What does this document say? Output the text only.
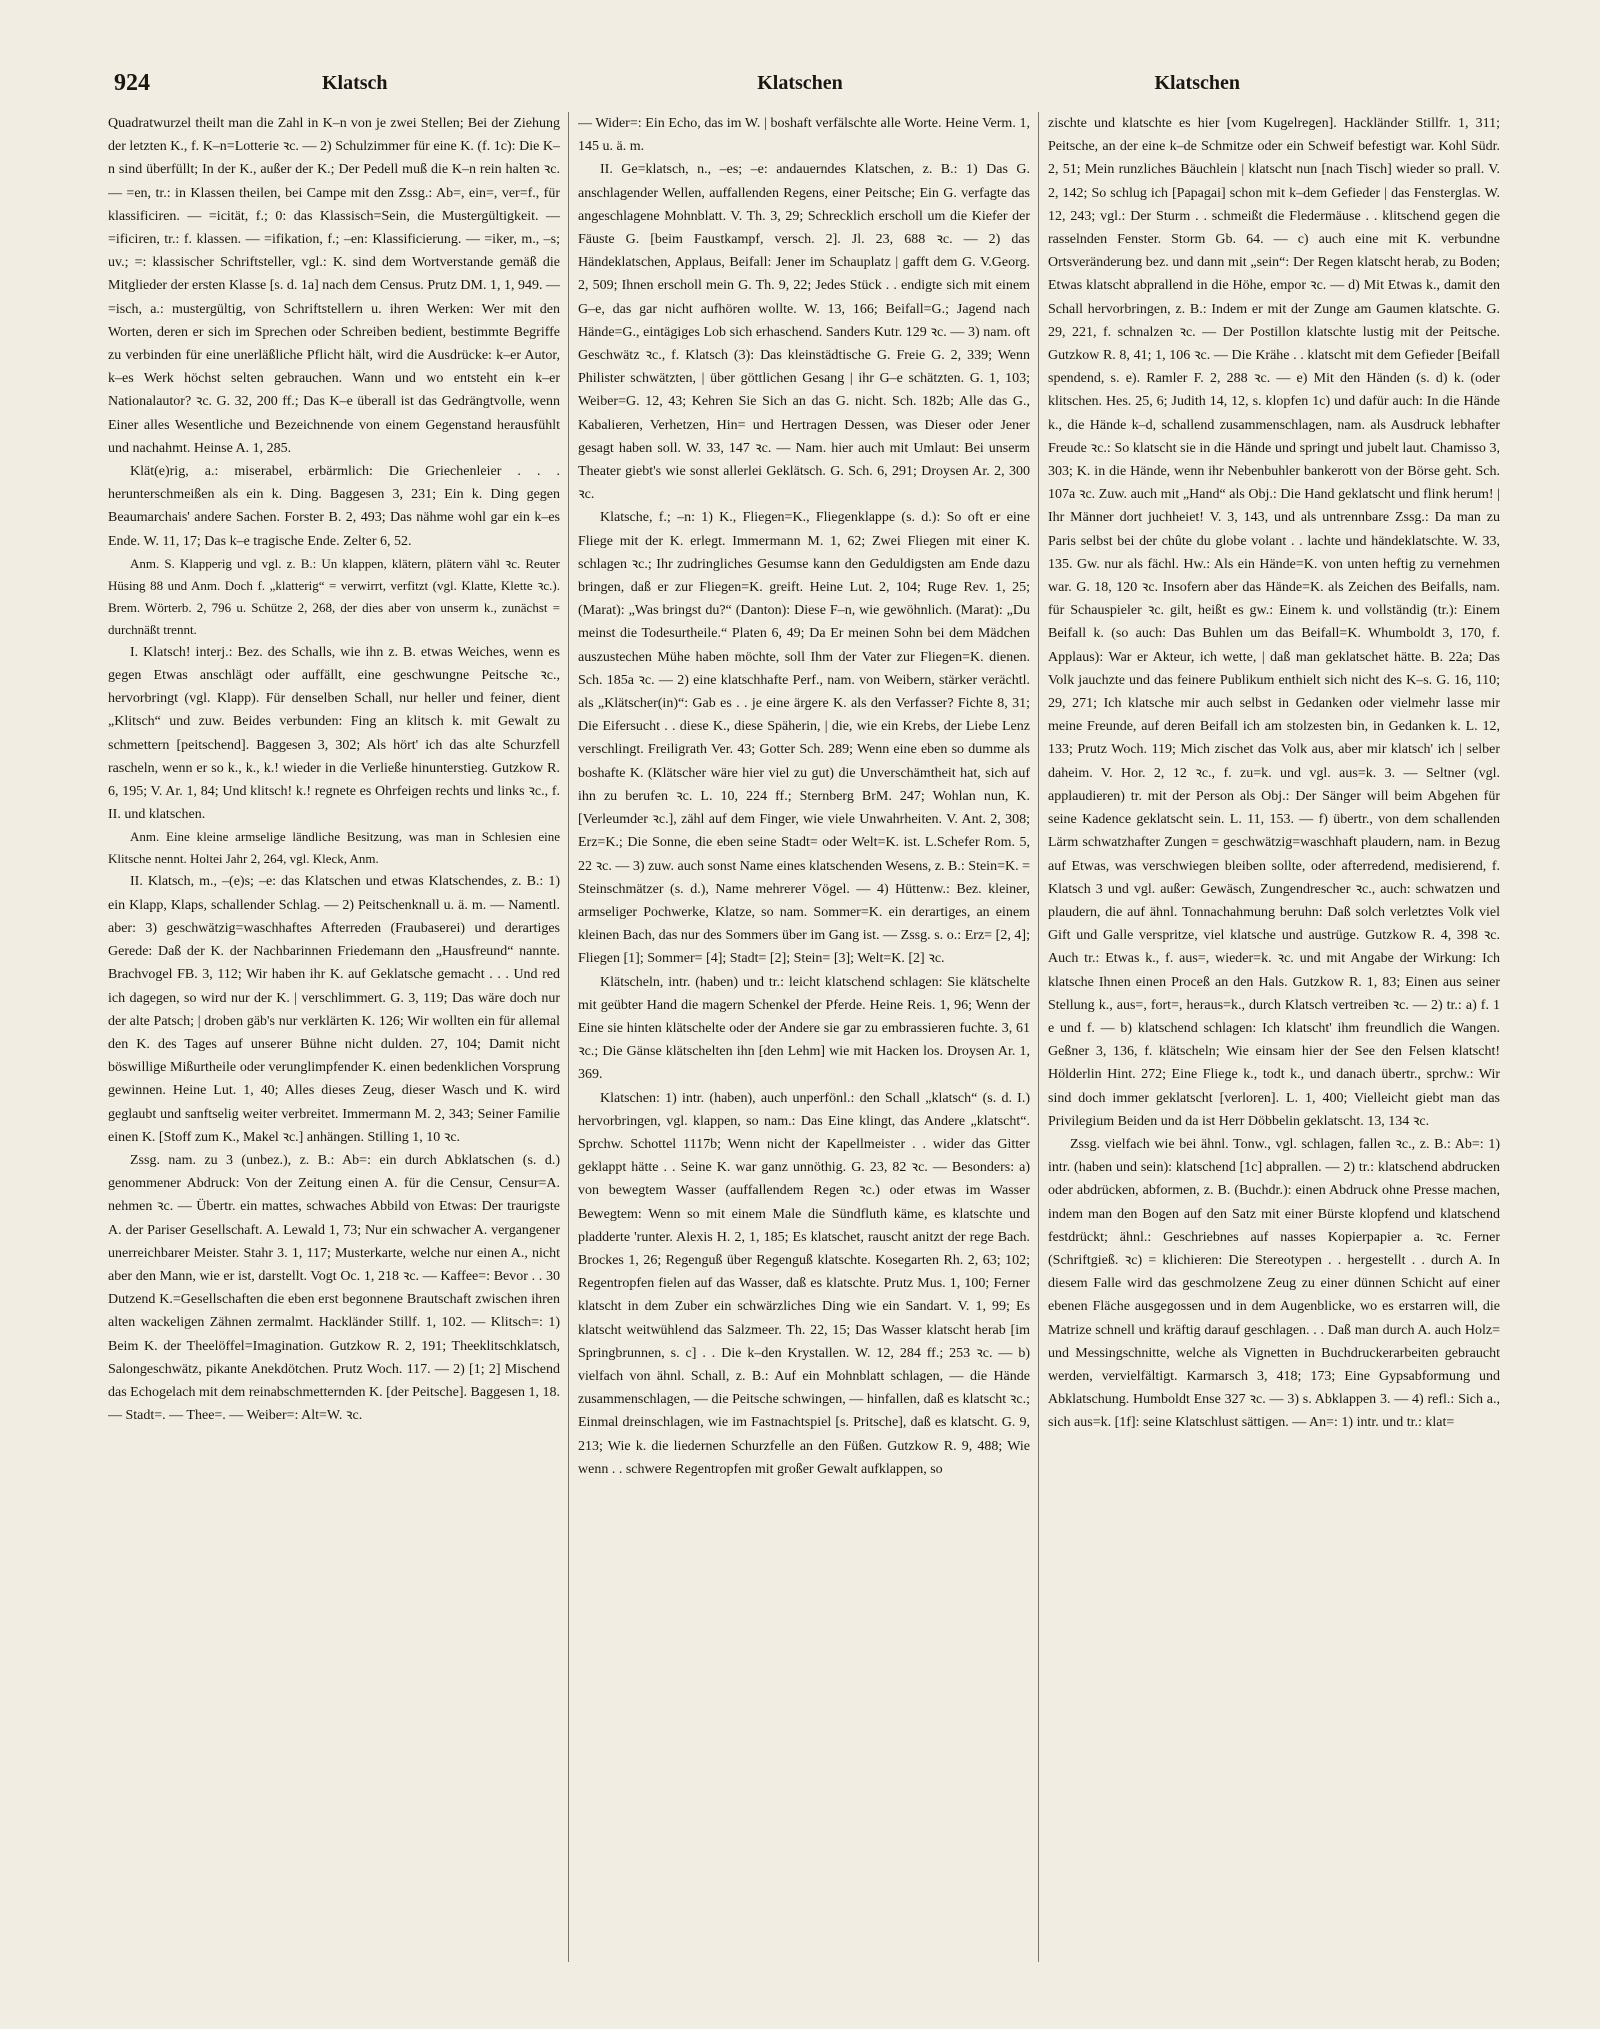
924	Klatsch	Klatschen	Klatschen

Quadratwurzel theilt man die Zahl in K–n von je zwei Stellen; Bei der Ziehung der letzten K., f. K–n=Lotterie ꝛc. — 2) Schulzimmer für eine K. (f. 1c): Die K–n sind überfüllt; In der K., außer der K.; Der Pedell muß die K–n rein halten ꝛc. — =en, tr.: in Klassen theilen, bei Campe mit den Zssg.: Ab=, ein=, ver=f., für klassificiren. — =icität, f.; 0: das Klassisch=Sein, die Mustergültigkeit. — =ificiren, tr.: f. klassen. — =ifikation, f.; –en: Klassificierung. — =iker, m., –s; uv.; =: klassischer Schriftsteller, vgl.: K. sind dem Wortverstande gemäß die Mitglieder der ersten Klasse [s. d. 1a] nach dem Census. Prutz DM. 1, 1, 949. — =isch, a.: mustergültig, von Schriftstellern u. ihren Werken: Wer mit den Worten, deren er sich im Sprechen oder Schreiben bedient, bestimmte Begriffe zu verbinden für eine unerläßliche Pflicht hält, wird die Ausdrücke: k–er Autor, k–es Werk höchst selten gebrauchen. Wann und wo entsteht ein k–er Nationalautor? ꝛc. G. 32, 200 ff.; Das K–e überall ist das Gedrängtvolle, wenn Einer alles Wesentliche und Bezeichnende von einem Gegenstand herausfühlt und nachahmt. Heinse A. 1, 285.

Klät(e)rig, a.: miserabel, erbärmlich: Die Griechenleier . . . herunterschmeißen als ein k. Ding. Baggesen 3, 231; Ein k. Ding gegen Beaumarchais' andere Sachen. Forster B. 2, 493; Das nähme wohl gar ein k–es Ende. W. 11, 17; Das k–e tragische Ende. Zelter 6, 52.

Anm. S. Klapperig und vgl. z. B.: Un klappen, klätern, plätern vähl ꝛc. Reuter Hüsing 88 und Anm. Doch f. „klatterig“ = verwirrt, verfitzt (vgl. Klatte, Klette ꝛc.). Brem. Wörterb. 2, 796 u. Schütze 2, 268, der dies aber von unserm k., zunächst = durchnäßt trennt.

I. Klatsch! interj.: Bez. des Schalls, wie ihn z. B. etwas Weiches, wenn es gegen Etwas anschlägt oder auffällt, eine geschwungne Peitsche ꝛc., hervorbringt (vgl. Klapp). Für denselben Schall, nur heller und feiner, dient „Klitsch“ und zuw. Beides verbunden: Fing an klitsch k. mit Gewalt zu schmettern [peitschend]. Baggesen 3, 302; Als hört' ich das alte Schurzfell rascheln, wenn er so k., k., k.! wieder in die Verließe hinunterstieg. Gutzkow R. 6, 195; V. Ar. 1, 84; Und klitsch! k.! regnete es Ohrfeigen rechts und links ꝛc., f. II. und klatschen.

Anm. Eine kleine armselige ländliche Besitzung, was man in Schlesien eine Klitsche nennt. Holtei Jahr 2, 264, vgl. Kleck, Anm.

II. Klatsch, m., –(e)s; –e: das Klatschen und etwas Klatschendes, z. B.: 1) ein Klapp, Klaps, schallender Schlag. — 2) Peitschenknall u. ä. m. — Namentl. aber: 3) geschwätzig=waschhaftes Afterreden (Fraubaserei) und derartiges Gerede: Daß der K. der Nachbarinnen Friedemann den „Hausfreund“ nannte. Brachvogel FB. 3, 112; Wir haben ihr K. auf Geklatsche gemacht . . . Und red ich dagegen, so wird nur der K. | verschlimmert. G. 3, 119; Das wäre doch nur der alte Patsch; | droben gäb's nur verklärten K. 126; Wir wollten ein für allemal den K. des Tages auf unserer Bühne nicht dulden. 27, 104; Damit nicht böswillige Mißurtheile oder verunglimpfender K. einen bedenklichen Vorsprung gewinnen. Heine Lut. 1, 40; Alles dieses Zeug, dieser Wasch und K. wird geglaubt und sanftselig weiter verbreitet. Immermann M. 2, 343; Seiner Familie einen K. [Stoff zum K., Makel ꝛc.] anhängen. Stilling 1, 10 ꝛc.

Zssg. nam. zu 3 (unbez.), z. B.: Ab=: ein durch Abklatschen (s. d.) genommener Abdruck: Von der Zeitung einen A. für die Censur, Censur=A. nehmen ꝛc. — Übertr. ein mattes, schwaches Abbild von Etwas: Der traurigste A. der Pariser Gesellschaft. A. Lewald 1, 73; Nur ein schwacher A. vergangener unerreichbarer Meister. Stahr 3. 1, 117; Musterkarte, welche nur einen A., nicht aber den Mann, wie er ist, darstellt. Vogt Oc. 1, 218 ꝛc. — Kaffee=: Bevor . . 30 Dutzend K.=Gesellschaften die eben erst begonnene Brautschaft zwischen ihren alten wackeligen Zähnen zermalmt. Hackländer Stillf. 1, 102. — Klitsch=: 1) Beim K. der Theelöffel=Imagination. Gutzkow R. 2, 191; Theeklitschklatsch, Salongeschwätz, pikante Anekdötchen. Prutz Woch. 117. — 2) [1; 2] Mischend das Echogelach mit dem reinabschmetternden K. [der Peitsche]. Baggesen 1, 18. — Stadt=. — Thee=. — Weiber=: Alt=W. ꝛc.

— Wider=: Ein Echo, das im W. | boshaft verfälschte alle Worte. Heine Verm. 1, 145 u. ä. m.

II. Ge=klatsch, n., –es; –e: andauerndes Klatschen, z. B.: 1) Das G. anschlagender Wellen, auffallenden Regens, einer Peitsche; Ein G. verfagte das angeschlagene Mohnblatt. V. Th. 3, 29; Schrecklich erscholl um die Kiefer der Fäuste G. [beim Faustkampf, versch. 2]. Jl. 23, 688 ꝛc. — 2) das Händeklatschen, Applaus, Beifall: Jener im Schauplatz | gafft dem G. V.Georg. 2, 509; Ihnen erscholl mein G. Th. 9, 22; Jedes Stück . . endigte sich mit einem G–e, das gar nicht aufhören wollte. W. 13, 166; Beifall=G.; Jagend nach Hände=G., eintägiges Lob sich erhaschend. Sanders Kutr. 129 ꝛc. — 3) nam. oft Geschwätz ꝛc., f. Klatsch (3): Das kleinstädtische G. Freie G. 2, 339; Wenn Philister schwätzten, | über göttlichen Gesang | ihr G–e schätzten. G. 1, 103; Weiber=G. 12, 43; Kehren Sie Sich an das G. nicht. Sch. 182b; Alle das G., Kabalieren, Verhetzen, Hin= und Hertragen Dessen, was Dieser oder Jener gesagt haben soll. W. 33, 147 ꝛc. — Nam. hier auch mit Umlaut: Bei unserm Theater giebt's wie sonst allerlei Geklätsch. G. Sch. 6, 291; Droysen Ar. 2, 300 ꝛc.

Klatsche, f.; –n: 1) K., Fliegen=K., Fliegenklappe (s. d.): So oft er eine Fliege mit der K. erlegt. Immermann M. 1, 62; Zwei Fliegen mit einer K. schlagen ꝛc.; Ihr zudringliches Gesumse kann den Geduldigsten am Ende dazu bringen, daß er zur Fliegen=K. greift. Heine Lut. 2, 104; Ruge Rev. 1, 25; (Marat): „Was bringst du?“ (Danton): Diese F–n, wie gewöhnlich. (Marat): „Du meinst die Todesurtheile.“ Platen 6, 49; Da Er meinen Sohn bei dem Mädchen auszustechen Mühe haben möchte, soll Ihm der Vater zur Fliegen=K. dienen. Sch. 185a ꝛc. — 2) eine klatschhafte Perf., nam. von Weibern, stärker verächtl. als „Klätscher(in)“: Gab es . . je eine ärgere K. als den Verfasser? Fichte 8, 31; Die Eifersucht . . diese K., diese Späherin, | die, wie ein Krebs, der Liebe Lenz verschlingt. Freiligrath Ver. 43; Gotter Sch. 289; Wenn eine eben so dumme als boshafte K. (Klätscher wäre hier viel zu gut) die Unverschämtheit hat, sich auf ihn zu berufen ꝛc. L. 10, 224 ff.; Sternberg BrM. 247; Wohlan nun, K. [Verleumder ꝛc.], zähl auf dem Finger, wie viele Unwahrheiten. V. Ant. 2, 308; Erz=K.; Die Sonne, die eben seine Stadt= oder Welt=K. ist. L.Schefer Rom. 5, 22 ꝛc. — 3) zuw. auch sonst Name eines klatschenden Wesens, z. B.: Stein=K. = Steinschmätzer (s. d.), Name mehrerer Vögel. — 4) Hüttenw.: Bez. kleiner, armseliger Pochwerke, Klatze, so nam. Sommer=K. ein derartiges, an einem kleinen Bach, das nur des Sommers über im Gang ist. — Zssg. s. o.: Erz= [2, 4]; Fliegen [1]; Sommer= [4]; Stadt= [2]; Stein= [3]; Welt=K. [2] ꝛc.

Klätscheln, intr. (haben) und tr.: leicht klatschend schlagen: Sie klätschelte mit geübter Hand die magern Schenkel der Pferde. Heine Reis. 1, 96; Wenn der Eine sie hinten klätschelte oder der Andere sie gar zu embrassieren fuchte. 3, 61 ꝛc.; Die Gänse klätschelten ihn [den Lehm] wie mit Hacken los. Droysen Ar. 1, 369.

Klatschen: 1) intr. (haben), auch unperfönl.: den Schall „klatsch“ (s. d. I.) hervorbringen, vgl. klappen, so nam.: Das Eine klingt, das Andere „klatscht“. Sprchw. Schottel 1117b; Wenn nicht der Kapellmeister . . wider das Gitter geklappt hätte . . Seine K. war ganz unnöthig. G. 23, 82 ꝛc. — Besonders: a) von bewegtem Wasser (auffallendem Regen ꝛc.) oder etwas im Wasser Bewegtem: Wenn so mit einem Male die Sündfluth käme, es klatschte und pladderte 'runter. Alexis H. 2, 1, 185; Es klatschet, rauscht anitzt der rege Bach. Brockes 1, 26; Regenguß über Regenguß klatschte. Kosegarten Rh. 2, 63; 102; Regentropfen fielen auf das Wasser, daß es klatschte. Prutz Mus. 1, 100; Ferner klatscht in dem Zuber ein schwärzliches Ding wie ein Sandart. V. 1, 99; Es klatscht weitwühlend das Salzmeer. Th. 22, 15; Das Wasser klatscht herab [im Springbrunnen, s. c] . . Die k–den Krystallen. W. 12, 284 ff.; 253 ꝛc. — b) vielfach von ähnl. Schall, z. B.: Auf ein Mohnblatt schlagen, — die Hände zusammenschlagen, — die Peitsche schwingen, — hinfallen, daß es klatscht ꝛc.; Einmal dreinschlagen, wie im Fastnachtspiel [s. Pritsche], daß es klatscht. G. 9, 213; Wie k. die liedernen Schurzfelle an den Füßen. Gutzkow R. 9, 488; Wie wenn . . schwere Regentropfen mit großer Gewalt aufklappen, so

zischte und klatschte es hier [vom Kugelregen]. Hackländer Stillfr. 1, 311; Peitsche, an der eine k–de Schmitze oder ein Schweif befestigt war. Kohl Südr. 2, 51; Mein runzliches Bäuchlein | klatscht nun [nach Tisch] wieder so prall. V. 2, 142; So schlug ich [Papagai] schon mit k–dem Gefieder | das Fensterglas. W. 12, 243; vgl.: Der Sturm . . schmeißt die Fledermäuse . . klitschend gegen die rasselnden Fenster. Storm Gb. 64. — c) auch eine mit K. verbundne Ortsveränderung bez. und dann mit „sein“: Der Regen klatscht herab, zu Boden; Etwas klatscht abprallend in die Höhe, empor ꝛc. — d) Mit Etwas k., damit den Schall hervorbringen, z. B.: Indem er mit der Zunge am Gaumen klatschte. G. 29, 221, f. schnalzen ꝛc. — Der Postillon klatschte lustig mit der Peitsche. Gutzkow R. 8, 41; 1, 106 ꝛc. — Die Krähe . . klatscht mit dem Gefieder [Beifall spendend, s. e). Ramler F. 2, 288 ꝛc. — e) Mit den Händen (s. d) k. (oder klitschen. Hes. 25, 6; Judith 14, 12, s. klopfen 1c) und dafür auch: In die Hände k., die Hände k–d, schallend zusammenschlagen, nam. als Ausdruck lebhafter Freude ꝛc.: So klatscht sie in die Hände und springt und jubelt laut. Chamisso 3, 303; K. in die Hände, wenn ihr Nebenbuhler bankerott von der Börse geht. Sch. 107a ꝛc. Zuw. auch mit „Hand“ als Obj.: Die Hand geklatscht und flink herum! | Ihr Männer dort juchheiet! V. 3, 143, und als untrennbare Zssg.: Da man zu Paris selbst bei der chûte du globe volant . . lachte und händeklatschte. W. 33, 135. Gw. nur als fächl. Hw.: Als ein Hände=K. von unten heftig zu vernehmen war. G. 18, 120 ꝛc. Insofern aber das Hände=K. als Zeichen des Beifalls, nam. für Schauspieler ꝛc. gilt, heißt es gw.: Einem k. und vollständig (tr.): Einem Beifall k. (so auch: Das Buhlen um das Beifall=K. Whumboldt 3, 170, f. Applaus): War er Akteur, ich wette, | daß man geklatschet hätte. B. 22a; Das Volk jauchzte und das feinere Publikum enthielt sich nicht des K–s. G. 16, 110; 29, 271; Ich klatsche mir auch selbst in Gedanken oder vielmehr lasse mir meine Freunde, auf deren Beifall ich am stolzesten bin, in Gedanken k. L. 12, 133; Prutz Woch. 119; Mich zischet das Volk aus, aber mir klatsch' ich | selber daheim. V. Hor. 2, 12 ꝛc., f. zu=k. und vgl. aus=k. 3. — Seltner (vgl. applaudieren) tr. mit der Person als Obj.: Der Sänger will beim Abgehen für seine Kadence geklatscht sein. L. 11, 153. — f) übertr., von dem schallenden Lärm schwatzhafter Zungen = geschwätzig=waschhaft plaudern, nam. in Bezug auf Etwas, was verschwiegen bleiben sollte, oder afterredend, medisierend, f. Klatsch 3 und vgl. außer: Gewäsch, Zungendrescher ꝛc., auch: schwatzen und plaudern, die auf ähnl. Tonnachahmung beruhn: Daß solch verletztes Volk viel Gift und Galle verspritze, viel klatsche und austrüge. Gutzkow R. 4, 398 ꝛc. Auch tr.: Etwas k., f. aus=, wieder=k. ꝛc. und mit Angabe der Wirkung: Ich klatsche Ihnen einen Proceß an den Hals. Gutzkow R. 1, 83; Einen aus seiner Stellung k., aus=, fort=, heraus=k., durch Klatsch vertreiben ꝛc. — 2) tr.: a) f. 1 e und f. — b) klatschend schlagen: Ich klatscht' ihm freundlich die Wangen. Geßner 3, 136, f. klätscheln; Wie einsam hier der See den Felsen klatscht! Hölderlin Hint. 272; Eine Fliege k., todt k., und danach übertr., sprchw.: Wir sind doch immer geklatscht [verloren]. L. 1, 400; Vielleicht giebt man das Privilegium Beiden und da ist Herr Döbbelin geklatscht. 13, 134 ꝛc.

Zssg. vielfach wie bei ähnl. Tonw., vgl. schlagen, fallen ꝛc., z. B.: Ab=: 1) intr. (haben und sein): klatschend [1c] abprallen. — 2) tr.: klatschend abdrucken oder abdrücken, abformen, z. B. (Buchdr.): einen Abdruck ohne Presse machen, indem man den Bogen auf den Satz mit einer Bürste klopfend und klatschend festdrückt; ähnl.: Geschriebnes auf nasses Kopierpapier a. ꝛc. Ferner (Schriftgieß. ꝛc) = klichieren: Die Stereotypen . . hergestellt . . durch A. In diesem Falle wird das geschmolzene Zeug zu einer dünnen Schicht auf einer ebenen Fläche ausgegossen und in dem Augenblicke, wo es erstarren will, die Matrize schnell und kräftig darauf geschlagen. . . Daß man durch A. auch Holz= und Messingschnitte, welche als Vignetten in Buchdruckerarbeiten gebraucht werden, vervielfältigt. Karmarsch 3, 418; 173; Eine Gypsabformung und Abklatschung. Humboldt Ense 327 ꝛc. — 3) s. Abklappen 3. — 4) refl.: Sich a., sich aus=k. [1f]: seine Klatschlust sättigen. — An=: 1) intr. und tr.: klat=
